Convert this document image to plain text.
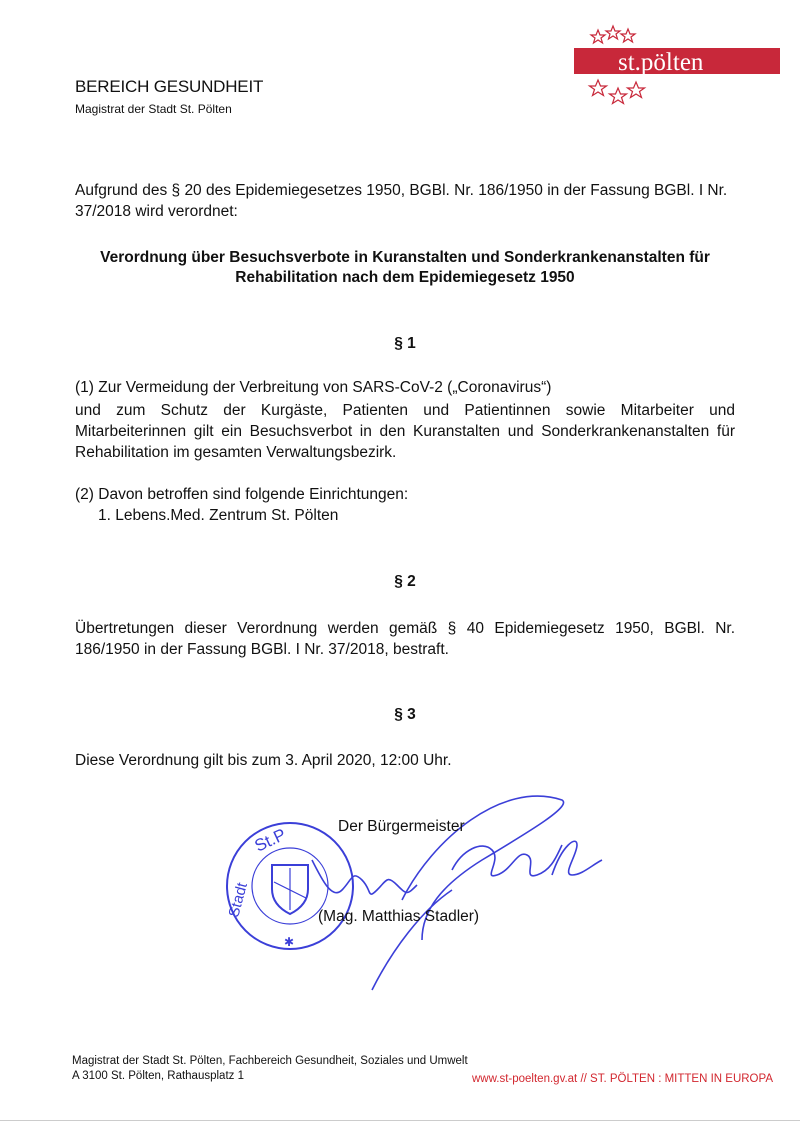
BEREICH GESUNDHEIT
Magistrat der Stadt St. Pölten
st.pölten
Aufgrund des § 20 des Epidemiegesetzes 1950, BGBl. Nr. 186/1950 in der Fassung BGBl. I Nr. 37/2018 wird verordnet:
Verordnung über Besuchsverbote in Kuranstalten und Sonderkrankenanstalten für
Rehabilitation nach dem Epidemiegesetz 1950
§ 1
(1) Zur Vermeidung der Verbreitung von SARS-CoV-2 („Coronavirus“)
und zum Schutz der Kurgäste, Patienten und Patientinnen sowie Mitarbeiter und Mitarbeiterinnen gilt ein Besuchsverbot in den Kuranstalten und Sonderkrankenanstalten für Rehabilitation im gesamten Verwaltungsbezirk.
(2) Davon betroffen sind folgende Einrichtungen:
1. Lebens.Med. Zentrum St. Pölten
§ 2
Übertretungen dieser Verordnung werden gemäß § 40 Epidemiegesetz 1950, BGBl. Nr. 186/1950 in der Fassung BGBl. I Nr. 37/2018, bestraft.
§ 3
Diese Verordnung gilt bis zum 3. April 2020, 12:00 Uhr.
St.P
Stadt
✱
Der Bürgermeister
(Mag. Matthias Stadler)
Magistrat der Stadt St. Pölten, Fachbereich Gesundheit, Soziales und Umwelt
A 3100 St. Pölten, Rathausplatz 1	www.st-poelten.gv.at // ST. PÖLTEN : MITTEN IN EUROPA
